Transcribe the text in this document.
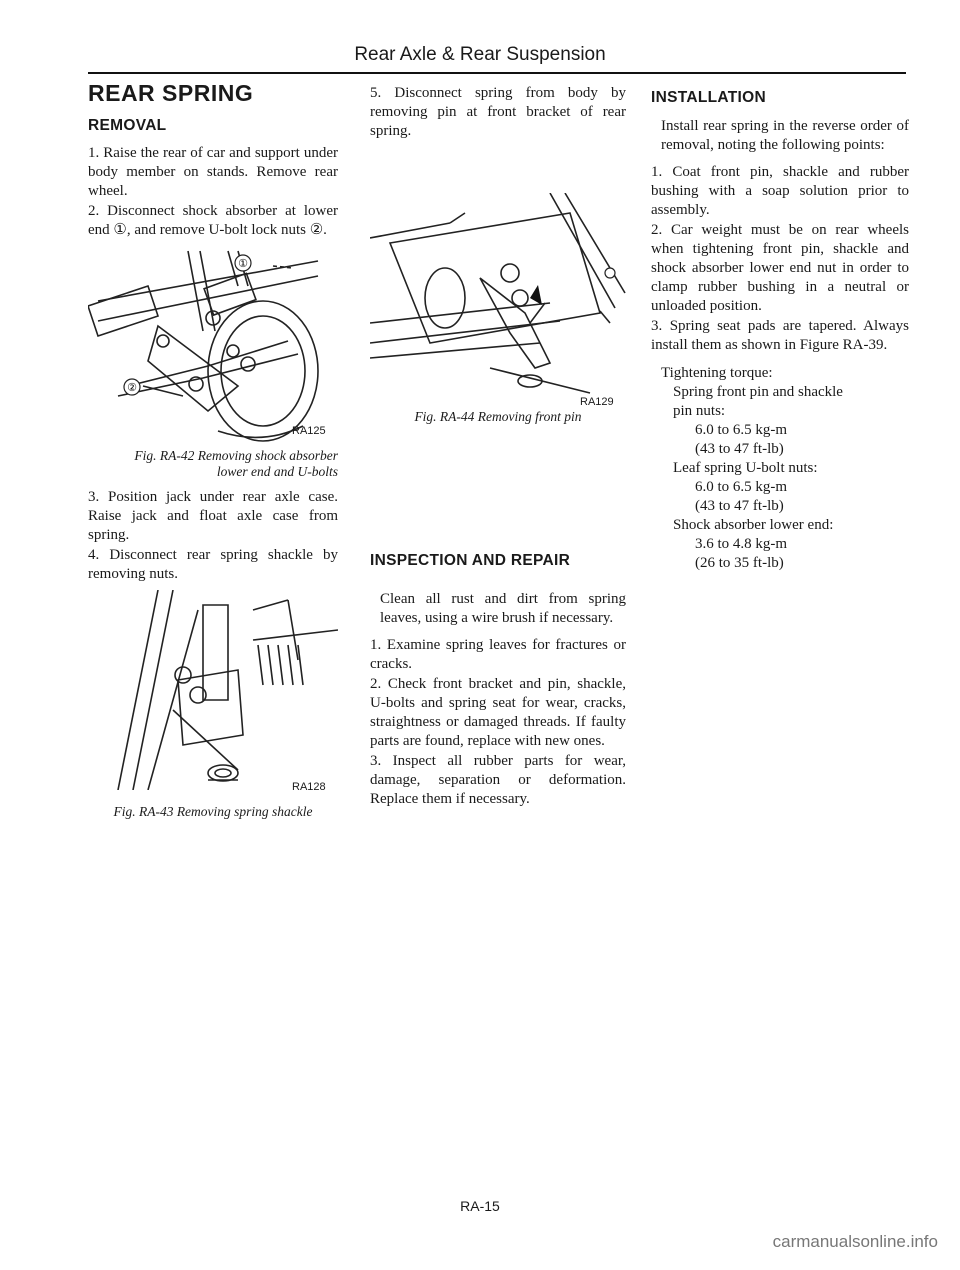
Rear Axle & Rear Suspension
REAR SPRING
REMOVAL

1. Raise the rear of car and support under body member on stands. Remove rear wheel.

2. Disconnect shock absorber at lower end ①, and remove U-bolt lock nuts ②.

①
②
RA125
Fig. RA-42 Removing shock absorber lower end and U-bolts

3. Position jack under rear axle case. Raise jack and float axle case from spring.

4. Disconnect rear spring shackle by removing nuts.

RA128
Fig. RA-43 Removing spring shackle

5. Disconnect spring from body by removing pin at front bracket of rear spring.

RA129
Fig. RA-44 Removing front pin
INSPECTION AND REPAIR

Clean all rust and dirt from spring leaves, using a wire brush if necessary.

1. Examine spring leaves for fractures or cracks.

2. Check front bracket and pin, shackle, U-bolts and spring seat for wear, cracks, straightness or damaged threads. If faulty parts are found, replace with new ones.

3. Inspect all rubber parts for wear, damage, separation or deformation. Replace them if necessary.

INSTALLATION

Install rear spring in the reverse order of removal, noting the following points:

1. Coat front pin, shackle and rubber bushing with a soap solution prior to assembly.

2. Car weight must be on rear wheels when tightening front pin, shackle and shock absorber lower end nut in order to clamp rubber bushing in a neutral or unloaded position.

3. Spring seat pads are tapered. Always install them as shown in Figure RA-39.

Tightening torque:
Spring front pin and shackle pin nuts:
6.0 to 6.5 kg-m
(43 to 47 ft-lb)
Leaf spring U-bolt nuts:
6.0 to 6.5 kg-m
(43 to 47 ft-lb)
Shock absorber lower end:
3.6 to 4.8 kg-m
(26 to 35 ft-lb)
RA-15
carmanualsonline.info
